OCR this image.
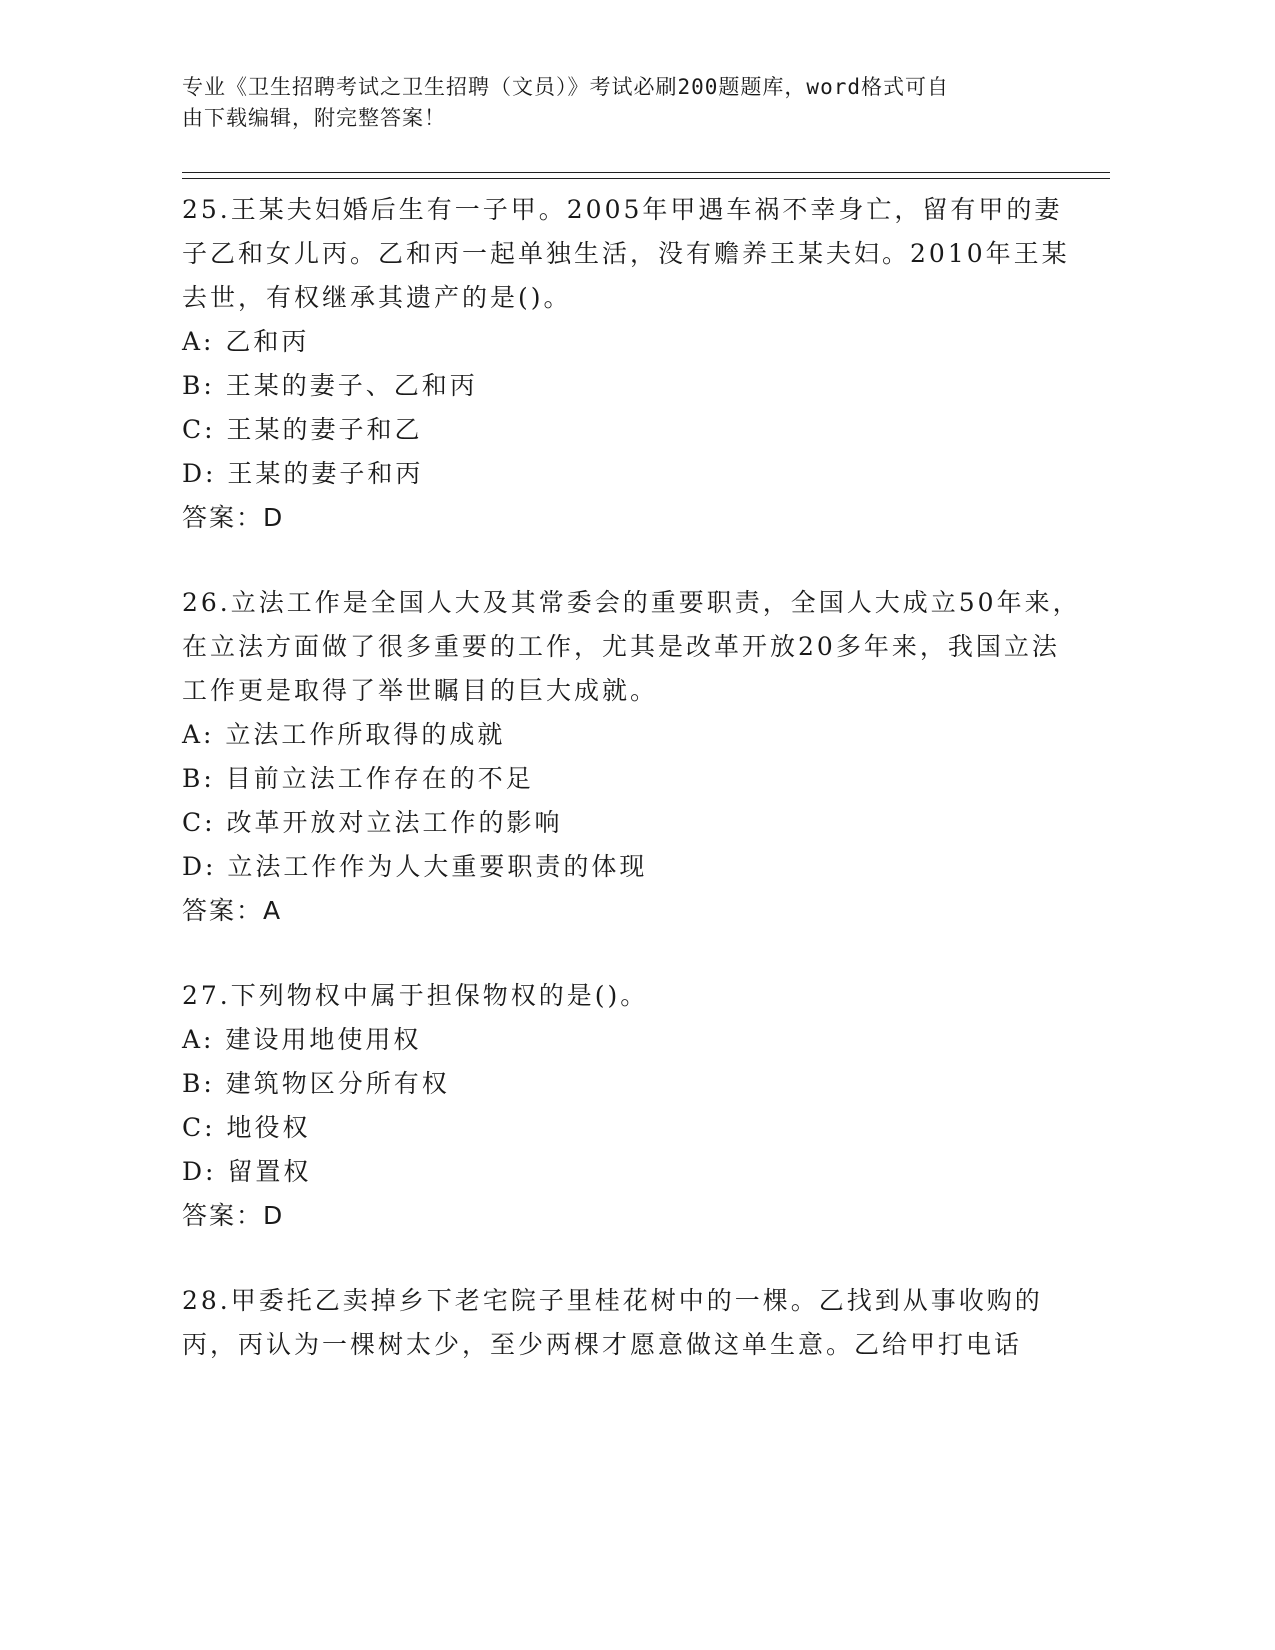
专业《卫生招聘考试之卫生招聘（文员）》考试必刷200题题库，word格式可自
由下载编辑，附完整答案！

25.王某夫妇婚后生有一子甲。2005年甲遇车祸不幸身亡，留有甲的妻子乙和女儿丙。乙和丙一起单独生活，没有赡养王某夫妇。2010年王某去世，有权继承其遗产的是()。

A: 乙和丙

B: 王某的妻子、乙和丙

C: 王某的妻子和乙

D: 王某的妻子和丙

答案：D

26.立法工作是全国人大及其常委会的重要职责，全国人大成立50年来，在立法方面做了很多重要的工作，尤其是改革开放20多年来，我国立法工作更是取得了举世瞩目的巨大成就。

A: 立法工作所取得的成就

B: 目前立法工作存在的不足

C: 改革开放对立法工作的影响

D: 立法工作作为人大重要职责的体现

答案：A

27.下列物权中属于担保物权的是()。

A: 建设用地使用权

B: 建筑物区分所有权

C: 地役权

D: 留置权

答案：D

28.甲委托乙卖掉乡下老宅院子里桂花树中的一棵。乙找到从事收购的丙，丙认为一棵树太少，至少两棵才愿意做这单生意。乙给甲打电话
